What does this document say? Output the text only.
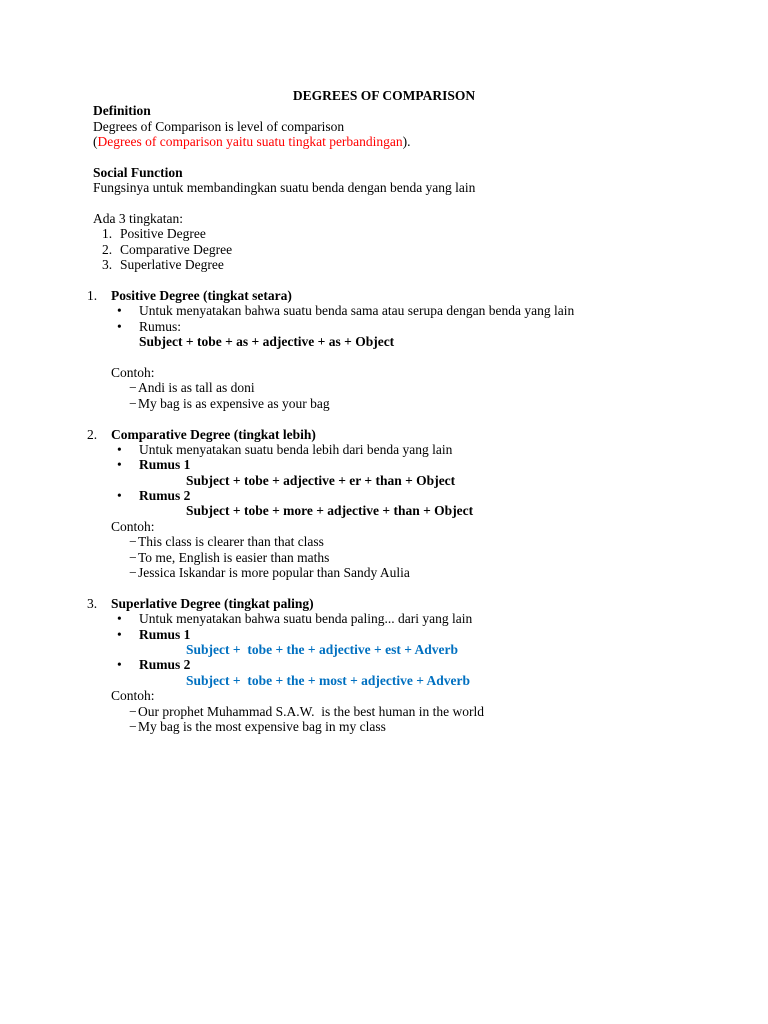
DEGREES OF COMPARISON
Definition
Degrees of Comparison is level of comparison
(Degrees of comparison yaitu suatu tingkat perbandingan).
Social Function
Fungsinya untuk membandingkan suatu benda dengan benda yang lain
Ada 3 tingkatan:
1. Positive Degree
2. Comparative Degree
3. Superlative Degree
1. Positive Degree (tingkat setara)
• Untuk menyatakan bahwa suatu benda sama atau serupa dengan benda yang lain
• Rumus:
Subject + tobe + as + adjective + as + Object
Contoh:
− Andi is as tall as doni
− My bag is as expensive as your bag
2. Comparative Degree (tingkat lebih)
• Untuk menyatakan suatu benda lebih dari benda yang lain
• Rumus 1
Subject + tobe + adjective + er + than + Object
• Rumus 2
Subject + tobe + more + adjective + than + Object
Contoh:
− This class is clearer than that class
− To me, English is easier than maths
− Jessica Iskandar is more popular than Sandy Aulia
3. Superlative Degree (tingkat paling)
• Untuk menyatakan bahwa suatu benda paling... dari yang lain
• Rumus 1
Subject +  tobe + the + adjective + est + Adverb
• Rumus 2
Subject +  tobe + the + most + adjective + Adverb
Contoh:
− Our prophet Muhammad S.A.W.  is the best human in the world
− My bag is the most expensive bag in my class
